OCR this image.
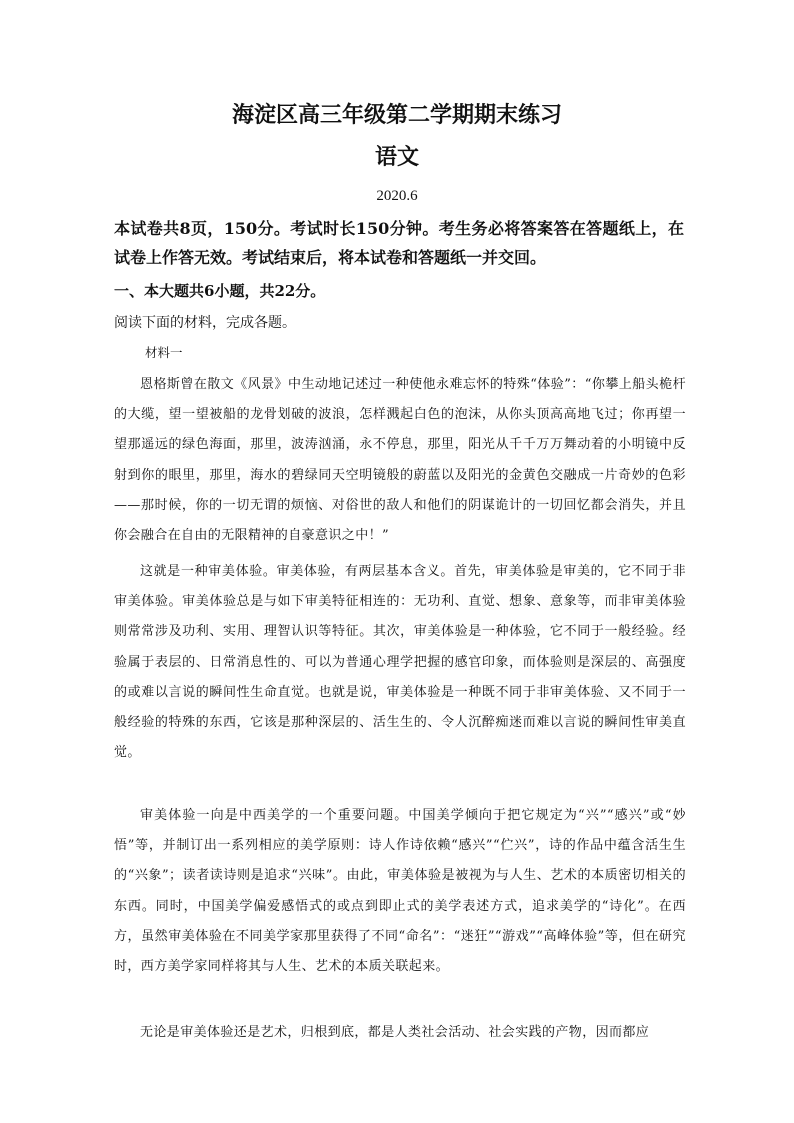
海淀区高三年级第二学期期末练习
语文
2020.6

本试卷共8页，150分。考试时长150分钟。考生务必将答案答在答题纸上，在试卷上作答无效。考试结束后，将本试卷和答题纸一并交回。

一、本大题共6小题，共22分。

阅读下面的材料，完成各题。

材料一

恩格斯曾在散文《风景》中生动地记述过一种使他永难忘怀的特殊“体验”：“你攀上船头桅杆的大缆，望一望被船的龙骨划破的波浪，怎样溅起白色的泡沫，从你头顶高高地飞过；你再望一望那遥远的绿色海面，那里，波涛汹涌，永不停息，那里，阳光从千千万万舞动着的小明镜中反射到你的眼里，那里，海水的碧绿同天空明镜般的蔚蓝以及阳光的金黄色交融成一片奇妙的色彩——那时候，你的一切无谓的烦恼、对俗世的敌人和他们的阴谋诡计的一切回忆都会消失，并且你会融合在自由的无限精神的自豪意识之中！”

这就是一种审美体验。审美体验，有两层基本含义。首先，审美体验是审美的，它不同于非审美体验。审美体验总是与如下审美特征相连的：无功利、直觉、想象、意象等，而非审美体验则常常涉及功利、实用、理智认识等特征。其次，审美体验是一种体验，它不同于一般经验。经验属于表层的、日常消息性的、可以为普通心理学把握的感官印象，而体验则是深层的、高强度的或难以言说的瞬间性生命直觉。也就是说，审美体验是一种既不同于非审美体验、又不同于一般经验的特殊的东西，它该是那种深层的、活生生的、令人沉醉痴迷而难以言说的瞬间性审美直觉。

审美体验一向是中西美学的一个重要问题。中国美学倾向于把它规定为“兴”“感兴”或“妙悟”等，并制订出一系列相应的美学原则：诗人作诗依赖“感兴”“伫兴”，诗的作品中蕴含活生生的“兴象”；读者读诗则是追求“兴味”。由此，审美体验是被视为与人生、艺术的本质密切相关的东西。同时，中国美学偏爱感悟式的或点到即止式的美学表述方式，追求美学的“诗化”。在西方，虽然审美体验在不同美学家那里获得了不同“命名”：“迷狂”“游戏”“高峰体验”等，但在研究时，西方美学家同样将其与人生、艺术的本质关联起来。

无论是审美体验还是艺术，归根到底，都是人类社会活动、社会实践的产物，因而都应
